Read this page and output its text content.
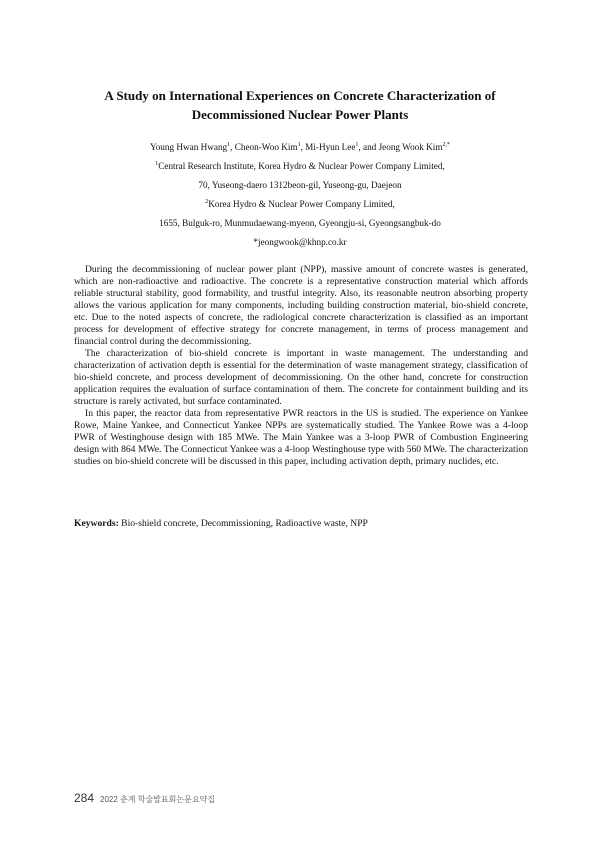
A Study on International Experiences on Concrete Characterization of
Decommissioned Nuclear Power Plants

Young Hwan Hwang$^1$, Cheon-Woo Kim$^1$, Mi-Hyun Lee$^1$, and Jeong Wook Kim$^{2,*}$

$^1$Central Research Institute, Korea Hydro & Nuclear Power Company Limited,

70, Yuseong-daero 1312beon-gil, Yuseong-gu, Daejeon

$^2$Korea Hydro & Nuclear Power Company Limited,

1655, Bulguk-ro, Munmudaewang-myeon, Gyeongju-si, Gyeongsangbuk-do

*jeongwook@khnp.co.kr

During the decommissioning of nuclear power plant (NPP), massive amount of concrete wastes is generated, which are non-radioactive and radioactive. The concrete is a representative construction material which affords reliable structural stability, good formability, and trustful integrity. Also, its reasonable neutron absorbing property allows the various application for many components, including building construction material, bio-shield concrete, etc. Due to the noted aspects of concrete, the radiological concrete characterization is classified as an important process for development of effective strategy for concrete management, in terms of process management and financial control during the decommissioning.

The characterization of bio-shield concrete is important in waste management. The understanding and characterization of activation depth is essential for the determination of waste management strategy, classification of bio-shield concrete, and process development of decommissioning. On the other hand, concrete for construction application requires the evaluation of surface contamination of them. The concrete for containment building and its structure is rarely activated, but surface contaminated.

In this paper, the reactor data from representative PWR reactors in the US is studied. The experience on Yankee Rowe, Maine Yankee, and Connecticut Yankee NPPs are systematically studied. The Yankee Rowe was a 4-loop PWR of Westinghouse design with 185 MWe. The Main Yankee was a 3-loop PWR of Combustion Engineering design with 864 MWe. The Connecticut Yankee was a 4-loop Westinghouse type with 560 MWe. The characterization studies on bio-shield concrete will be discussed in this paper, including activation depth, primary nuclides, etc.

Keywords: Bio-shield concrete, Decommissioning, Radioactive waste, NPP
284 2022 춘계 학술발표회논문요약집
